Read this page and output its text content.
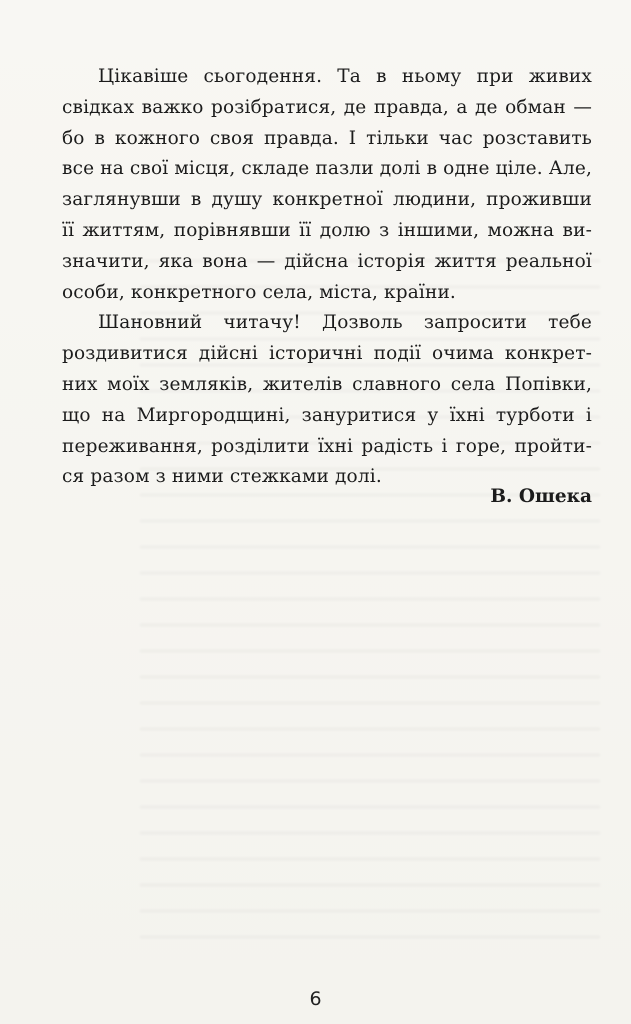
Цікавіше сьогодення. Та в ньому при живих
свідках важко розібратися, де правда, а де обман —
бо в кожного своя правда. І тільки час розставить
все на свої місця, складе пазли долі в одне ціле. Але,
заглянувши в душу конкретної людини, проживши
її життям, порівнявши її долю з іншими, можна ви-
значити, яка вона — дійсна історія життя реальної
особи, конкретного села, міста, країни.
Шановний читачу! Дозволь запросити тебе
роздивитися дійсні історичні події очима конкрет-
них моїх земляків, жителів славного села Попівки,
що на Миргородщині, зануритися у їхні турботи і
переживання, розділити їхні радість і горе, пройти-
ся разом з ними стежками долі.
В. Ошека
6
